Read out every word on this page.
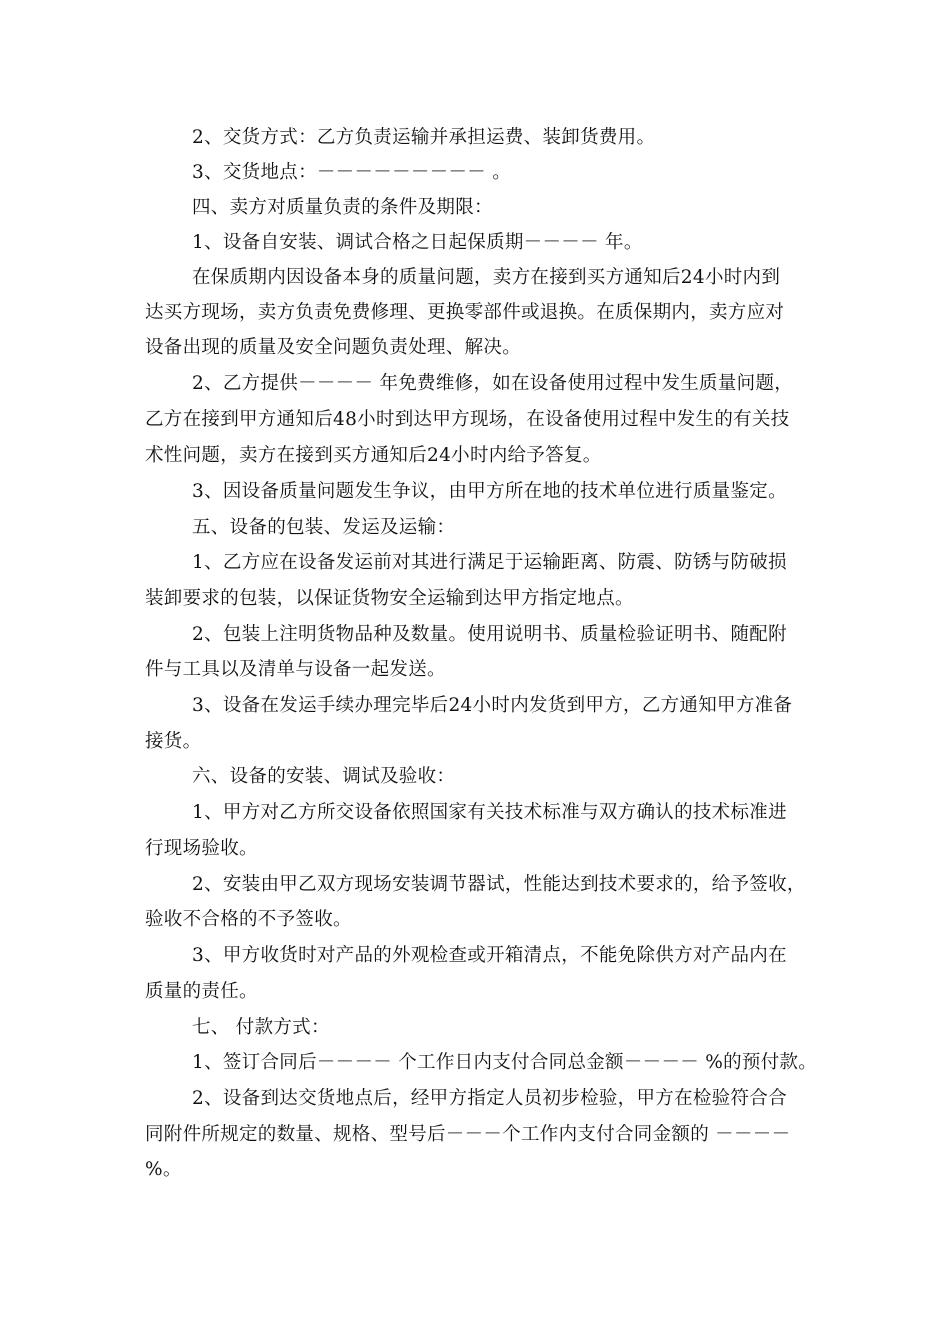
2、交货方式：乙方负责运输并承担运费、装卸货费用。
3、交货地点：－－－－－－－－－ 。
四、卖方对质量负责的条件及期限：
1、设备自安装、调试合格之日起保质期－－－－ 年。
在保质期内因设备本身的质量问题，卖方在接到买方通知后24小时内到
达买方现场，卖方负责免费修理、更换零部件或退换。在质保期内，卖方应对
设备出现的质量及安全问题负责处理、解决。
2、乙方提供－－－－ 年免费维修，如在设备使用过程中发生质量问题，
乙方在接到甲方通知后48小时到达甲方现场，在设备使用过程中发生的有关技
术性问题，卖方在接到买方通知后24小时内给予答复。
3、因设备质量问题发生争议，由甲方所在地的技术单位进行质量鉴定。
五、设备的包装、发运及运输：
1、乙方应在设备发运前对其进行满足于运输距离、防震、防锈与防破损
装卸要求的包装，以保证货物安全运输到达甲方指定地点。
2、包装上注明货物品种及数量。使用说明书、质量检验证明书、随配附
件与工具以及清单与设备一起发送。
3、设备在发运手续办理完毕后24小时内发货到甲方，乙方通知甲方准备
接货。
六、设备的安装、调试及验收：
1、甲方对乙方所交设备依照国家有关技术标准与双方确认的技术标准进
行现场验收。
2、安装由甲乙双方现场安装调节器试，性能达到技术要求的，给予签收，
验收不合格的不予签收。
3、甲方收货时对产品的外观检查或开箱清点，不能免除供方对产品内在
质量的责任。
七、 付款方式：
1、签订合同后－－－－ 个工作日内支付合同总金额－－－－ %的预付款。
2、设备到达交货地点后，经甲方指定人员初步检验，甲方在检验符合合
同附件所规定的数量、规格、型号后－－－个工作内支付合同金额的 －－－－
%。
